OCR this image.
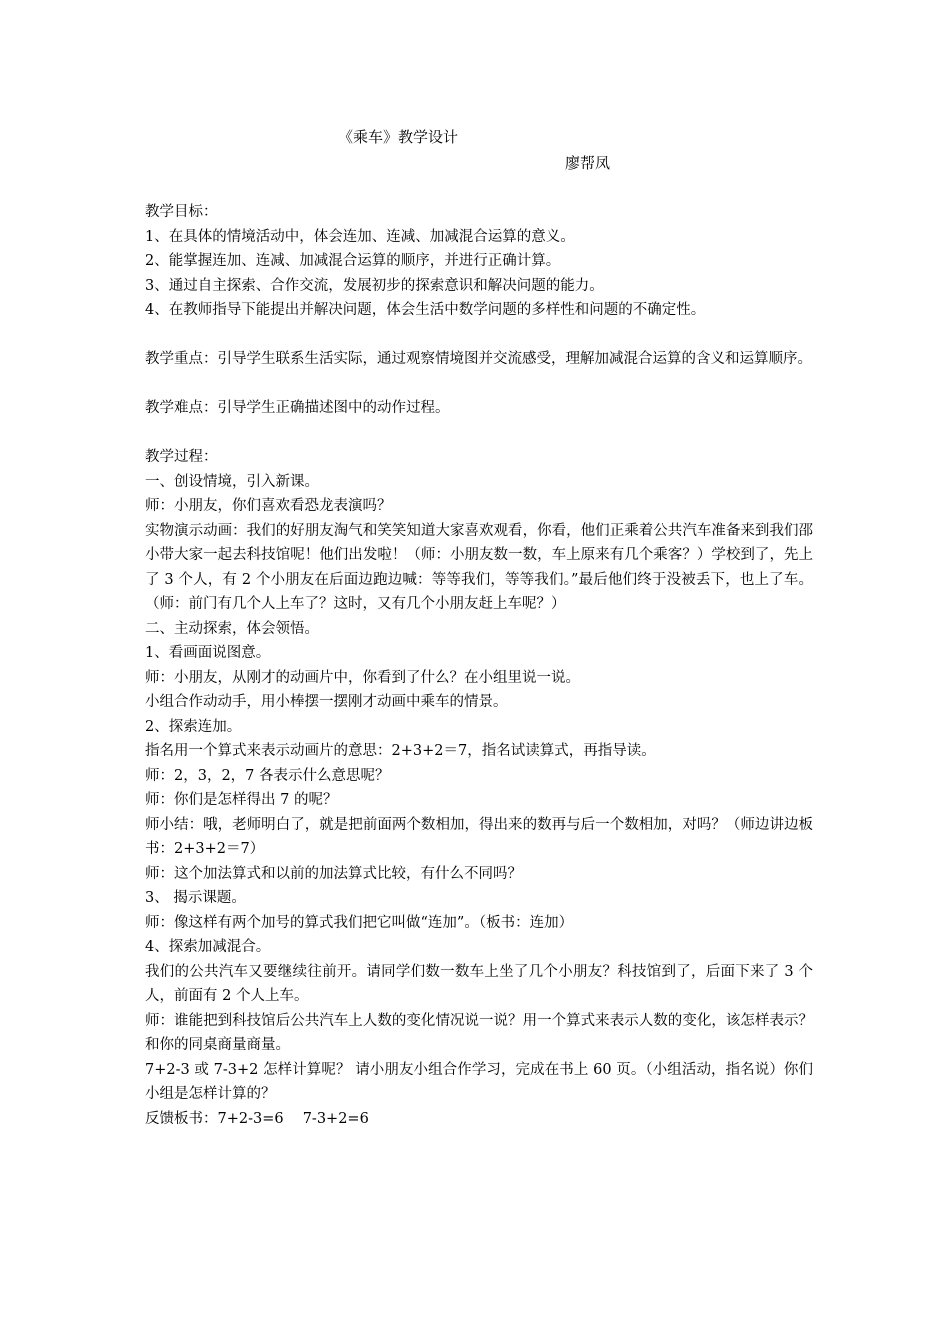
《乘车》教学设计
廖帮凤

教学目标：

1、在具体的情境活动中，体会连加、连减、加减混合运算的意义。

2、能掌握连加、连减、加减混合运算的顺序，并进行正确计算。

3、通过自主探索、合作交流，发展初步的探索意识和解决问题的能力。

4、在教师指导下能提出并解决问题，体会生活中数学问题的多样性和问题的不确定性。

教学重点：引导学生联系生活实际，通过观察情境图并交流感受，理解加减混合运算的含义和运算顺序。

教学难点：引导学生正确描述图中的动作过程。

教学过程：

一、创设情境，引入新课。

师：小朋友，你们喜欢看恐龙表演吗？

实物演示动画：我们的好朋友淘气和笑笑知道大家喜欢观看，你看，他们正乘着公共汽车准备来到我们邵小带大家一起去科技馆呢！他们出发啦！（师：小朋友数一数，车上原来有几个乘客？）学校到了，先上了 3 个人，有 2 个小朋友在后面边跑边喊：等等我们，等等我们。”最后他们终于没被丢下，也上了车。（师：前门有几个人上车了？这时，又有几个小朋友赶上车呢？）

二、主动探索，体会领悟。

1、看画面说图意。

师：小朋友，从刚才的动画片中，你看到了什么？在小组里说一说。

小组合作动动手，用小棒摆一摆刚才动画中乘车的情景。

2、探索连加。

指名用一个算式来表示动画片的意思：2+3+2＝7，指名试读算式，再指导读。

师：2，3，2，7 各表示什么意思呢？

师：你们是怎样得出 7 的呢？

师小结：哦，老师明白了，就是把前面两个数相加，得出来的数再与后一个数相加，对吗？（师边讲边板书：2+3+2＝7）

师：这个加法算式和以前的加法算式比较，有什么不同吗？

3、 揭示课题。

师：像这样有两个加号的算式我们把它叫做“连加”。（板书：连加）

4、探索加减混合。

我们的公共汽车又要继续往前开。请同学们数一数车上坐了几个小朋友？科技馆到了，后面下来了 3 个人，前面有 2 个人上车。

师：谁能把到科技馆后公共汽车上人数的变化情况说一说？用一个算式来表示人数的变化，该怎样表示？和你的同桌商量商量。

7+2-3 或 7-3+2 怎样计算呢？ 请小朋友小组合作学习，完成在书上 60 页。（小组活动，指名说）你们小组是怎样计算的？

反馈板书：7+2-3=6　 7-3+2=6
